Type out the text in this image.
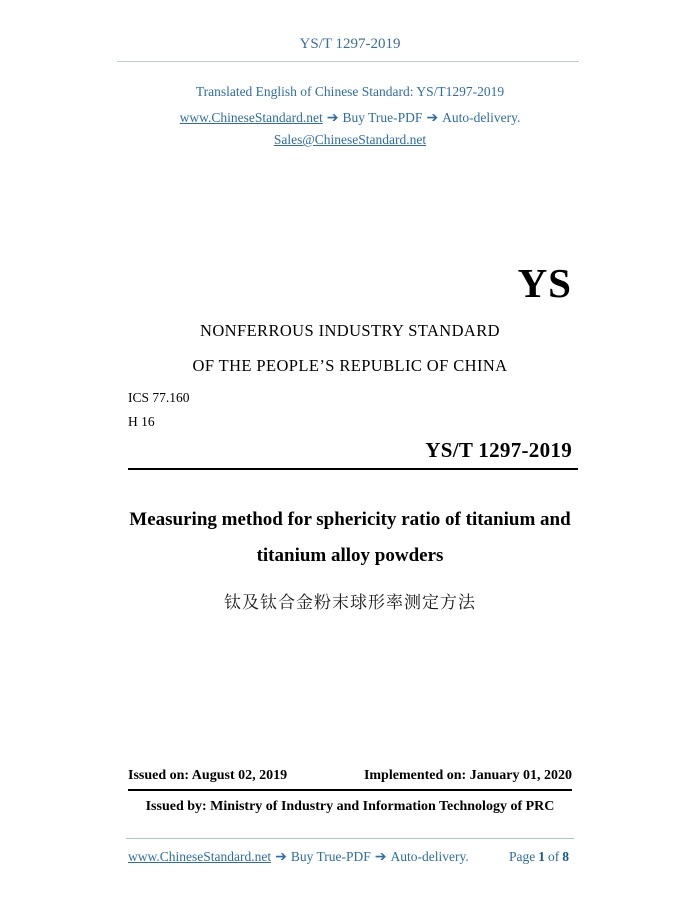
YS/T 1297-2019
Translated English of Chinese Standard: YS/T1297-2019
www.ChineseStandard.net ➔ Buy True-PDF ➔ Auto-delivery.
Sales@ChineseStandard.net
YS
NONFERROUS INDUSTRY STANDARD
OF THE PEOPLE’S REPUBLIC OF CHINA
ICS 77.160
H 16
YS/T 1297-2019
Measuring method for sphericity ratio of titanium and
titanium alloy powders
钛及钛合金粉末球形率测定方法
Issued on: August 02, 2019	Implemented on: January 01, 2020
Issued by: Ministry of Industry and Information Technology of PRC
www.ChineseStandard.net ➔ Buy True-PDF ➔ Auto-delivery.	Page 1 of 8
